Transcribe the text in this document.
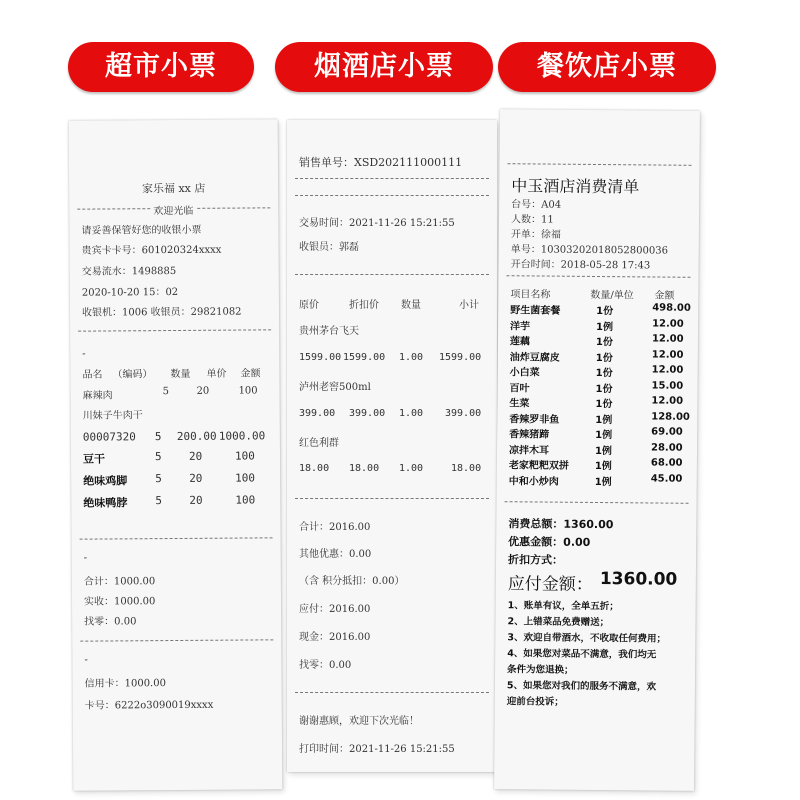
超市小票	烟酒店小票	餐饮店小票
家乐福 xx 店
欢迎光临
请妥善保管好您的收银小票
贵宾卡卡号：601020324xxxx
交易流水：1498885
2020-10-20 15：02
收银机：1006 收银员：29821082
-
品名 （编码） 数量 单价 金额
麻辣肉	5	20	100
川妹子牛肉干
00007320 5 200.00 1000.00
豆干	5 20	100
绝味鸡脚	5 20	100
绝味鸭脖	5 20	100
-
合计：1000.00
实收：1000.00
找零：0.00
-
信用卡：1000.00
卡号：6222o3090019xxxx
销售单号：XSD202111000111
交易时间：2021-11-26 15:21:55
收银员：郭磊
原价	折扣价 数量	小计
贵州茅台飞天
1599.00 1599.00 1.00 1599.00
泸州老窖500ml
399.00 399.00 1.00 399.00
红色利群
18.00 18.00 1.00	18.00
合计：2016.00
其他优惠：0.00
（含 积分抵扣：0.00）
应付：2016.00
现金：2016.00
找零：0.00
谢谢惠顾，欢迎下次光临！
打印时间：2021-11-26 15:21:55
中玉酒店消费清单
台号：A04
人数：11
开单：徐福
单号：10303202018052800036
开台时间：2018-05-28 17:43
项目名称	数量/单位 金额
野生菌套餐	1份	498.00
洋芋	1例	12.00
莲藕	1份	12.00
油炸豆腐皮	1份	12.00
小白菜	1份	12.00
百叶	1份	15.00
生菜	1份	12.00
香辣罗非鱼	1例	128.00
香辣猪蹄	1例	69.00
凉拌木耳	1例	28.00
老家粑粑双拼	1例	68.00
中和小炒肉	1例	45.00
消费总额：1360.00
优惠金额：0.00
折扣方式：
应付金额： 1360.00
1、账单有议，全单五折；
2、上错菜品免费赠送；
3、欢迎自带酒水，不收取任何费用；
4、如果您对菜品不满意，我们均无
条件为您退换；
5、如果您对我们的服务不满意，欢
迎前台投诉；
